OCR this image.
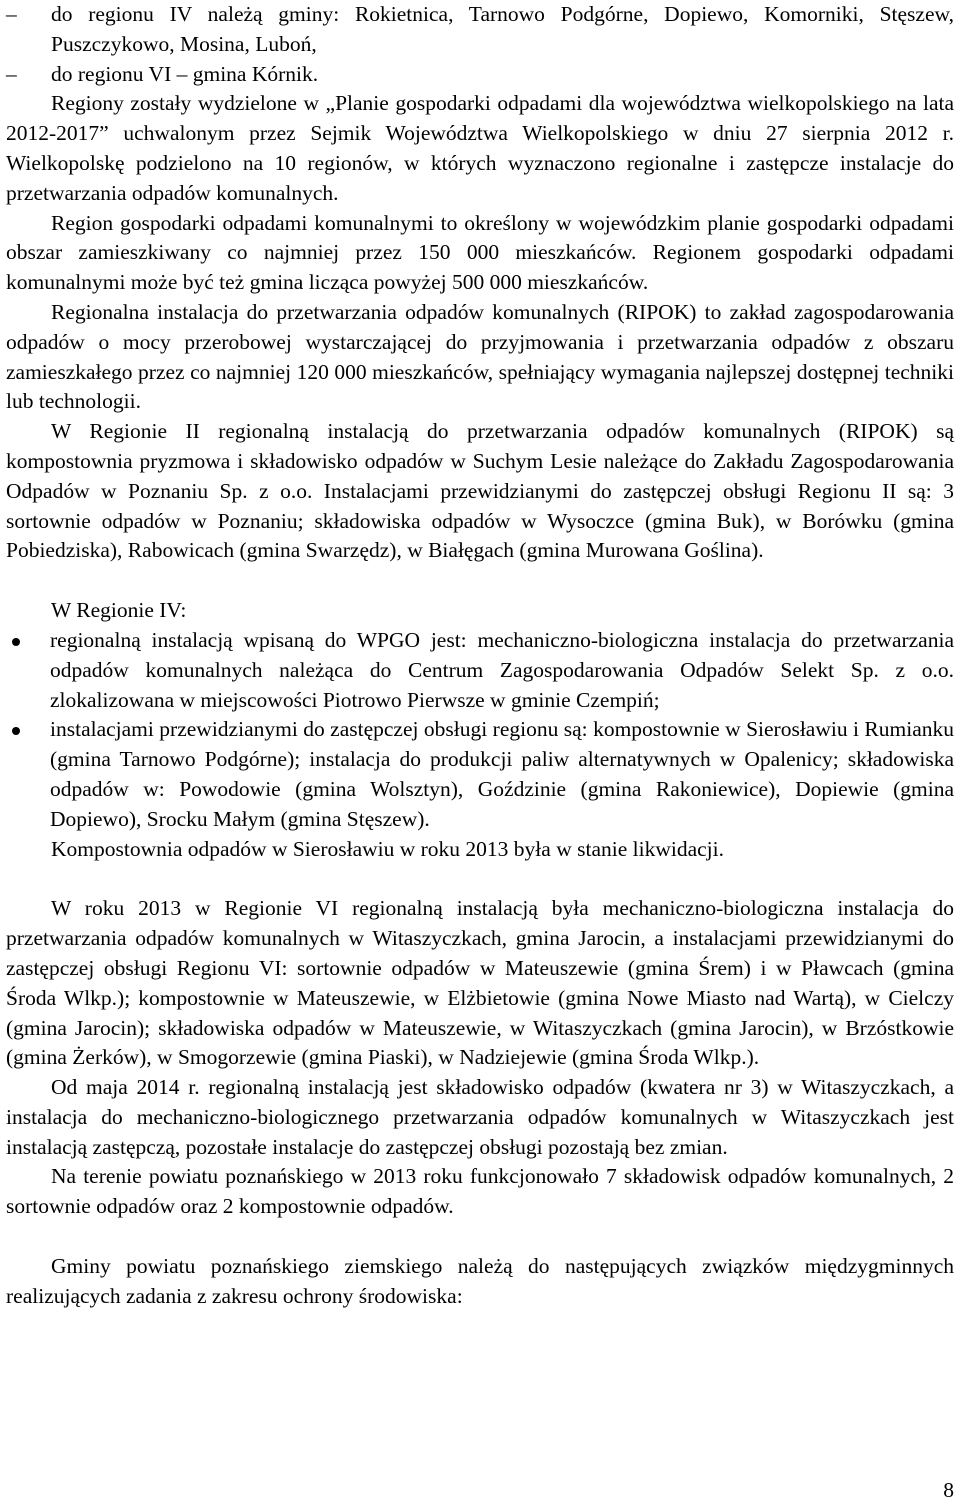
–	do regionu IV należą gminy: Rokietnica, Tarnowo Podgórne, Dopiewo, Komorniki, Stęszew, Puszczykowo, Mosina, Luboń,
–	do regionu VI – gmina Kórnik.

Regiony zostały wydzielone w „Planie gospodarki odpadami dla województwa wielkopolskiego na lata 2012-2017” uchwalonym przez Sejmik Województwa Wielkopolskiego w dniu 27 sierpnia 2012 r. Wielkopolskę podzielono na 10 regionów, w których wyznaczono regionalne i zastępcze instalacje do przetwarzania odpadów komunalnych.

Region gospodarki odpadami komunalnymi to określony w wojewódzkim planie gospodarki odpadami obszar zamieszkiwany co najmniej przez 150 000 mieszkańców. Regionem gospodarki odpadami komunalnymi może być też gmina licząca powyżej 500 000 mieszkańców.

Regionalna instalacja do przetwarzania odpadów komunalnych (RIPOK) to zakład zagospodarowania odpadów o mocy przerobowej wystarczającej do przyjmowania i przetwarzania odpadów z obszaru zamieszkałego przez co najmniej 120 000 mieszkańców, spełniający wymagania najlepszej dostępnej techniki lub technologii.

W Regionie II regionalną instalacją do przetwarzania odpadów komunalnych (RIPOK) są kompostownia pryzmowa i składowisko odpadów w Suchym Lesie należące do Zakładu Zagospodarowania Odpadów w Poznaniu Sp. z o.o. Instalacjami przewidzianymi do zastępczej obsługi Regionu II są: 3 sortownie odpadów w Poznaniu; składowiska odpadów w Wysoczce (gmina Buk), w Borówku (gmina Pobiedziska), Rabowicach (gmina Swarzędz), w Białęgach (gmina Murowana Goślina).

W Regionie IV:

regionalną instalacją wpisaną do WPGO jest: mechaniczno-biologiczna instalacja do przetwarzania odpadów komunalnych należąca do Centrum Zagospodarowania Odpadów Selekt Sp. z o.o. zlokalizowana w miejscowości Piotrowo Pierwsze w gminie Czempiń;
instalacjami przewidzianymi do zastępczej obsługi regionu są: kompostownie w Sierosławiu i Rumianku (gmina Tarnowo Podgórne); instalacja do produkcji paliw alternatywnych w Opalenicy; składowiska odpadów w: Powodowie (gmina Wolsztyn), Goździnie (gmina Rakoniewice), Dopiewie (gmina Dopiewo), Srocku Małym (gmina Stęszew).

Kompostownia odpadów w Sierosławiu w roku 2013 była w stanie likwidacji.

W roku 2013 w Regionie VI regionalną instalacją była mechaniczno-biologiczna instalacja do przetwarzania odpadów komunalnych w Witaszyczkach, gmina Jarocin, a instalacjami przewidzianymi do zastępczej obsługi Regionu VI: sortownie odpadów w Mateuszewie (gmina Śrem) i w Pławcach (gmina Środa Wlkp.); kompostownie w Mateuszewie, w Elżbietowie (gmina Nowe Miasto nad Wartą), w Cielczy (gmina Jarocin); składowiska odpadów w Mateuszewie, w Witaszyczkach (gmina Jarocin), w Brzóstkowie (gmina Żerków), w Smogorzewie (gmina Piaski), w Nadziejewie (gmina Środa Wlkp.).

Od maja 2014 r. regionalną instalacją jest składowisko odpadów (kwatera nr 3) w Witaszyczkach, a instalacja do mechaniczno-biologicznego przetwarzania odpadów komunalnych w Witaszyczkach jest instalacją zastępczą, pozostałe instalacje do zastępczej obsługi pozostają bez zmian.

Na terenie powiatu poznańskiego w 2013 roku funkcjonowało 7 składowisk odpadów komunalnych, 2 sortownie odpadów oraz 2 kompostownie odpadów.

Gminy powiatu poznańskiego ziemskiego należą do następujących związków międzygminnych realizujących zadania z zakresu ochrony środowiska:

8
